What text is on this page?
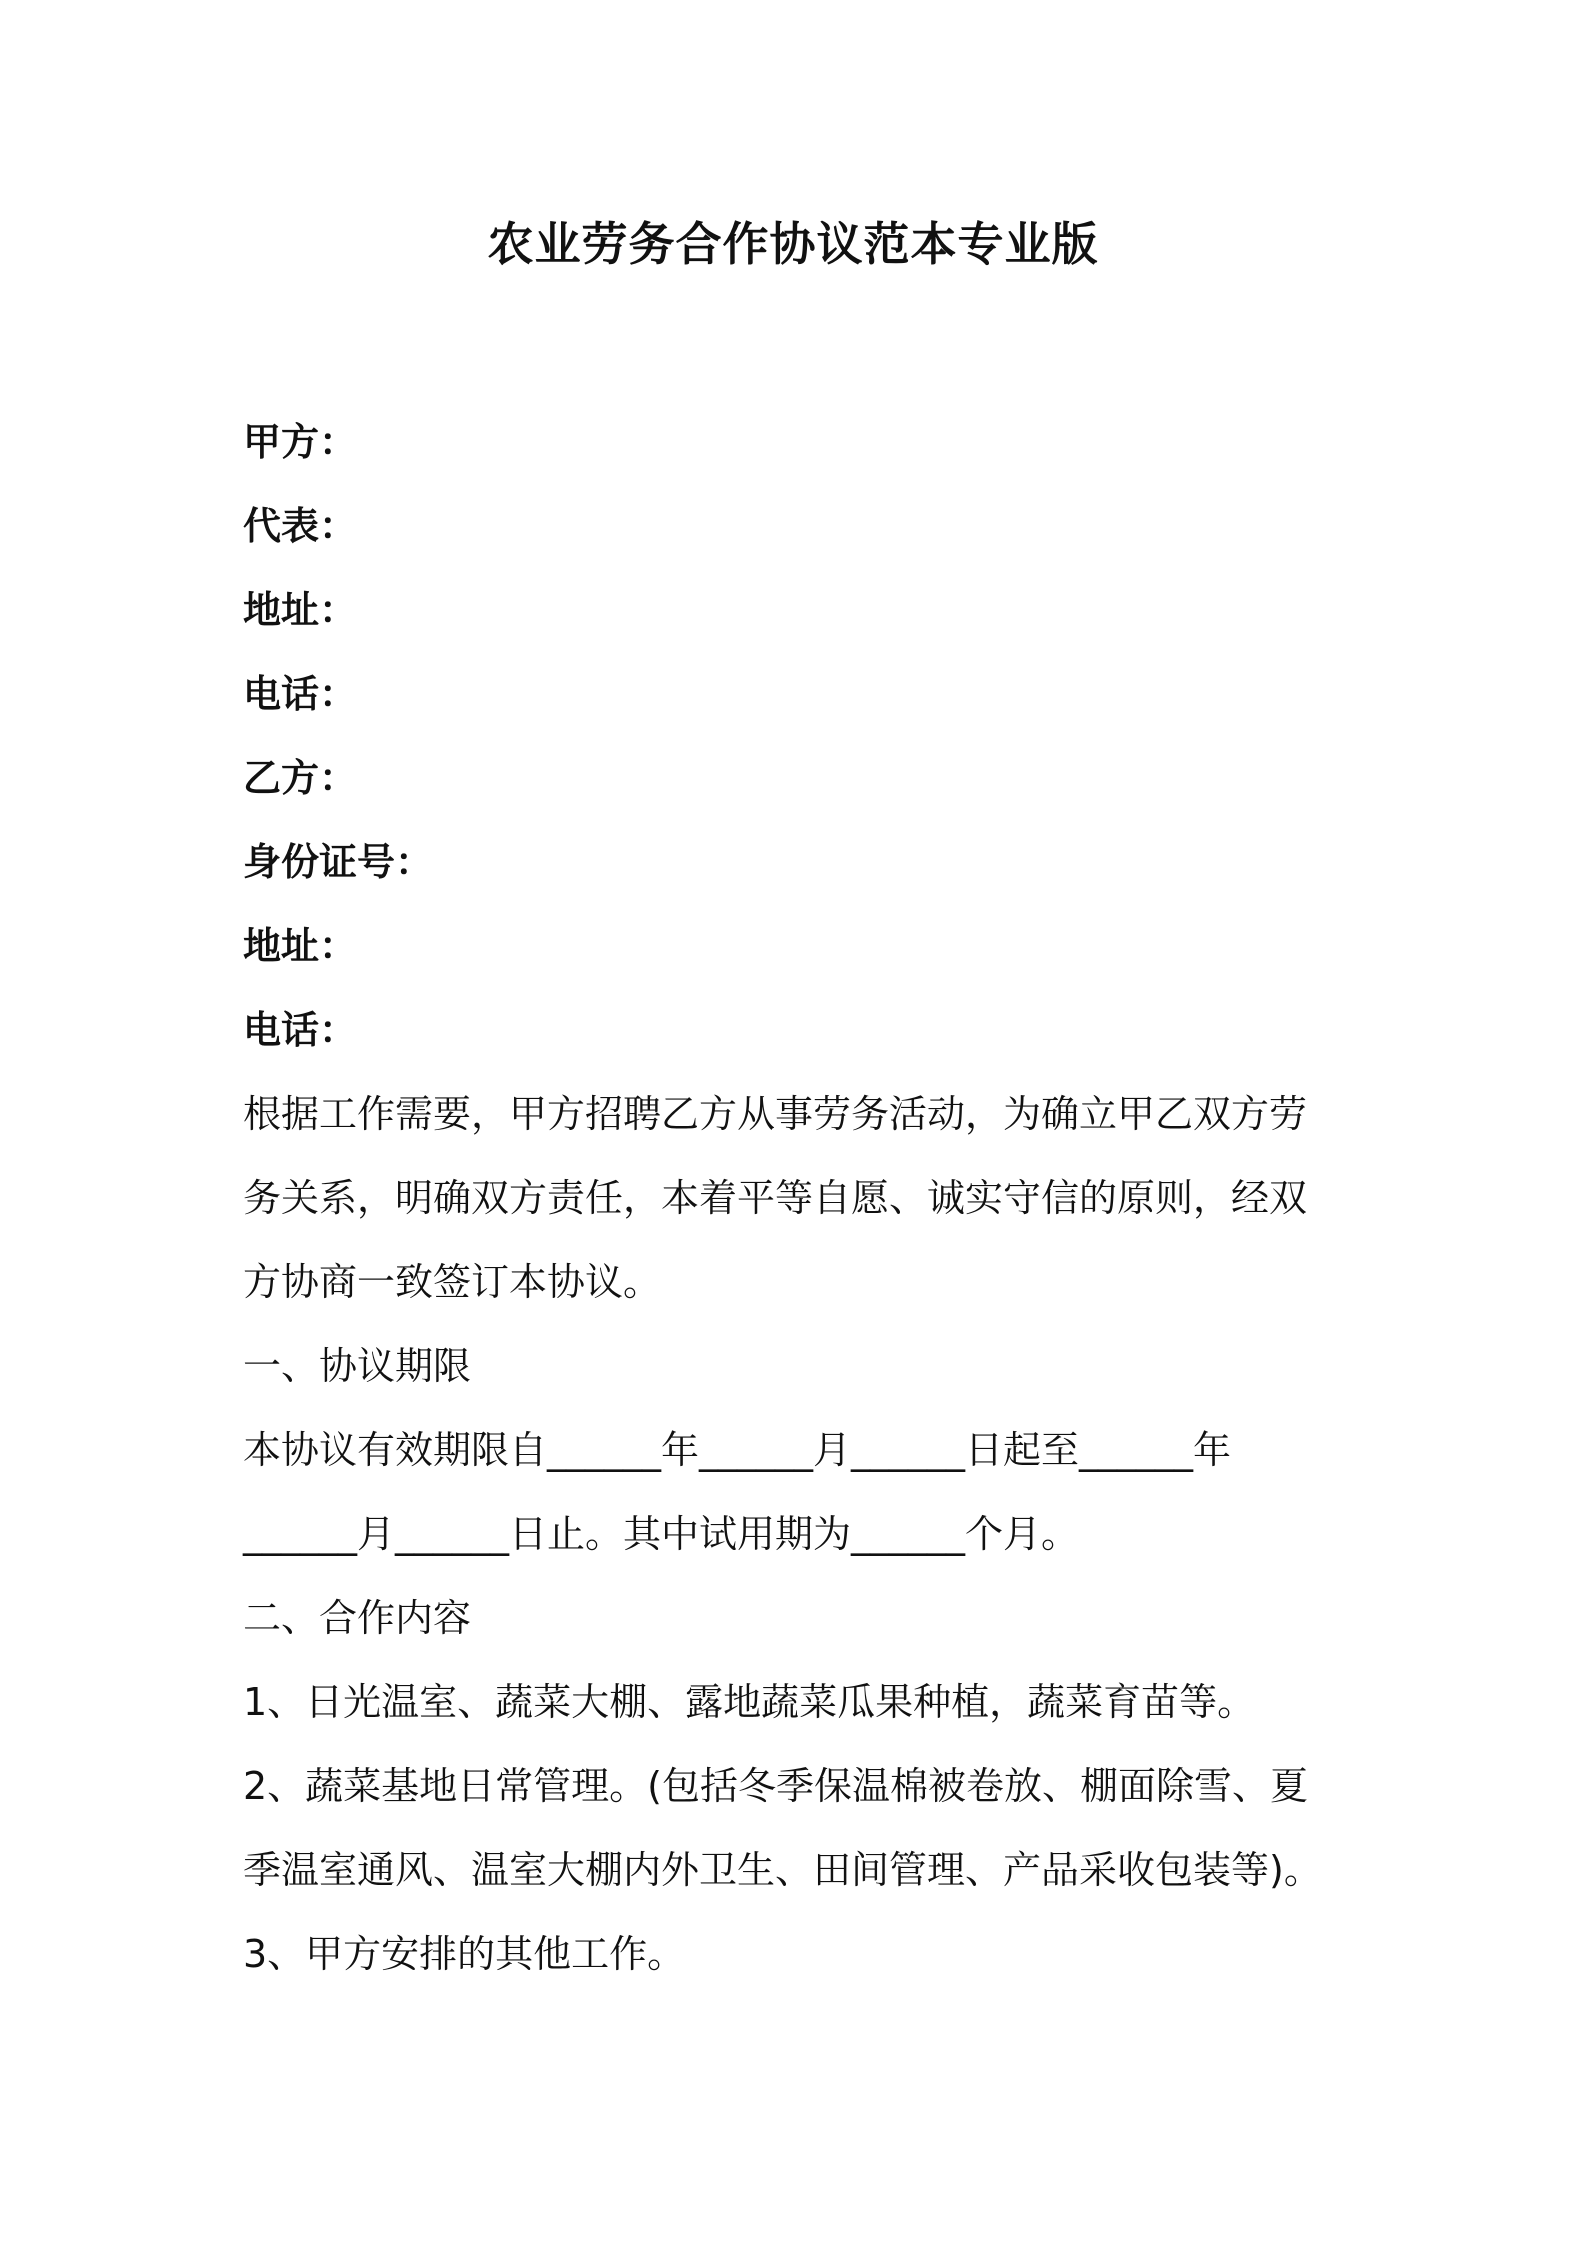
农业劳务合作协议范本专业版
甲方：
代表：
地址：
电话：
乙方：
身份证号：
地址：
电话：
根据工作需要，甲方招聘乙方从事劳务活动，为确立甲乙双方劳
务关系，明确双方责任，本着平等自愿、诚实守信的原则，经双
方协商一致签订本协议。
一、协议期限
本协议有效期限自______年______月______日起至______年
______月______日止。其中试用期为______个月。
二、合作内容
1、日光温室、蔬菜大棚、露地蔬菜瓜果种植，蔬菜育苗等。
2、蔬菜基地日常管理。(包括冬季保温棉被卷放、棚面除雪、夏
季温室通风、温室大棚内外卫生、田间管理、产品采收包装等)。
3、甲方安排的其他工作。
